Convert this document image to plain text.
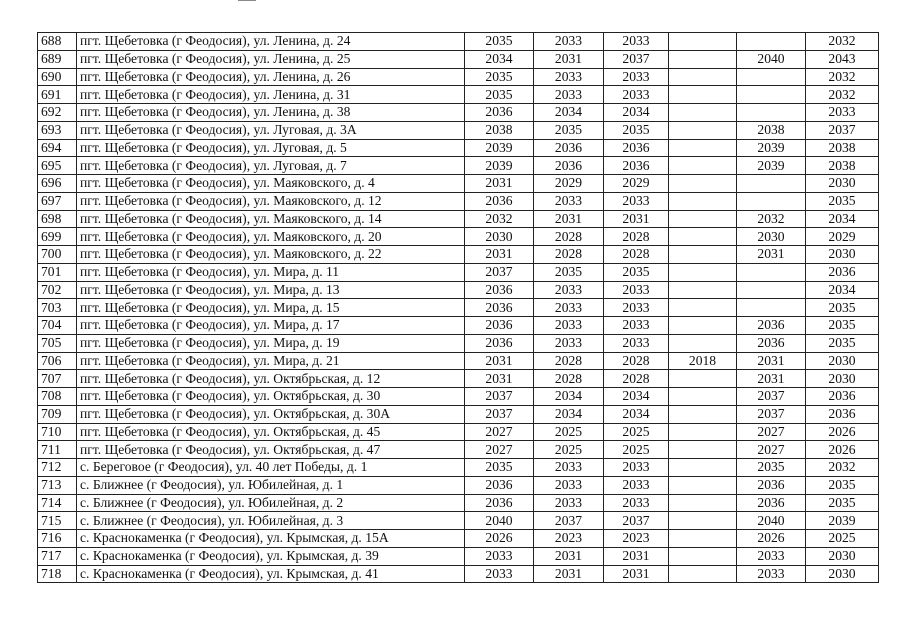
688	пгт. Щебетовка (г Феодосия), ул. Ленина, д. 24	2035	2033	2033			2032
689	пгт. Щебетовка (г Феодосия), ул. Ленина, д. 25	2034	2031	2037		2040	2043
690	пгт. Щебетовка (г Феодосия), ул. Ленина, д. 26	2035	2033	2033			2032
691	пгт. Щебетовка (г Феодосия), ул. Ленина, д. 31	2035	2033	2033			2032
692	пгт. Щебетовка (г Феодосия), ул. Ленина, д. 38	2036	2034	2034			2033
693	пгт. Щебетовка (г Феодосия), ул. Луговая, д. 3А	2038	2035	2035		2038	2037
694	пгт. Щебетовка (г Феодосия), ул. Луговая, д. 5	2039	2036	2036		2039	2038
695	пгт. Щебетовка (г Феодосия), ул. Луговая, д. 7	2039	2036	2036		2039	2038
696	пгт. Щебетовка (г Феодосия), ул. Маяковского, д. 4	2031	2029	2029			2030
697	пгт. Щебетовка (г Феодосия), ул. Маяковского, д. 12	2036	2033	2033			2035
698	пгт. Щебетовка (г Феодосия), ул. Маяковского, д. 14	2032	2031	2031		2032	2034
699	пгт. Щебетовка (г Феодосия), ул. Маяковского, д. 20	2030	2028	2028		2030	2029
700	пгт. Щебетовка (г Феодосия), ул. Маяковского, д. 22	2031	2028	2028		2031	2030
701	пгт. Щебетовка (г Феодосия), ул. Мира, д. 11	2037	2035	2035			2036
702	пгт. Щебетовка (г Феодосия), ул. Мира, д. 13	2036	2033	2033			2034
703	пгт. Щебетовка (г Феодосия), ул. Мира, д. 15	2036	2033	2033			2035
704	пгт. Щебетовка (г Феодосия), ул. Мира, д. 17	2036	2033	2033		2036	2035
705	пгт. Щебетовка (г Феодосия), ул. Мира, д. 19	2036	2033	2033		2036	2035
706	пгт. Щебетовка (г Феодосия), ул. Мира, д. 21	2031	2028	2028	2018	2031	2030
707	пгт. Щебетовка (г Феодосия), ул. Октябрьская, д. 12	2031	2028	2028		2031	2030
708	пгт. Щебетовка (г Феодосия), ул. Октябрьская, д. 30	2037	2034	2034		2037	2036
709	пгт. Щебетовка (г Феодосия), ул. Октябрьская, д. 30А	2037	2034	2034		2037	2036
710	пгт. Щебетовка (г Феодосия), ул. Октябрьская, д. 45	2027	2025	2025		2027	2026
711	пгт. Щебетовка (г Феодосия), ул. Октябрьская, д. 47	2027	2025	2025		2027	2026
712	с. Береговое (г Феодосия), ул. 40 лет Победы, д. 1	2035	2033	2033		2035	2032
713	с. Ближнее (г Феодосия), ул. Юбилейная, д. 1	2036	2033	2033		2036	2035
714	с. Ближнее (г Феодосия), ул. Юбилейная, д. 2	2036	2033	2033		2036	2035
715	с. Ближнее (г Феодосия), ул. Юбилейная, д. 3	2040	2037	2037		2040	2039
716	с. Краснокаменка (г Феодосия), ул. Крымская, д. 15А	2026	2023	2023		2026	2025
717	с. Краснокаменка (г Феодосия), ул. Крымская, д. 39	2033	2031	2031		2033	2030
718	с. Краснокаменка (г Феодосия), ул. Крымская, д. 41	2033	2031	2031		2033	2030
